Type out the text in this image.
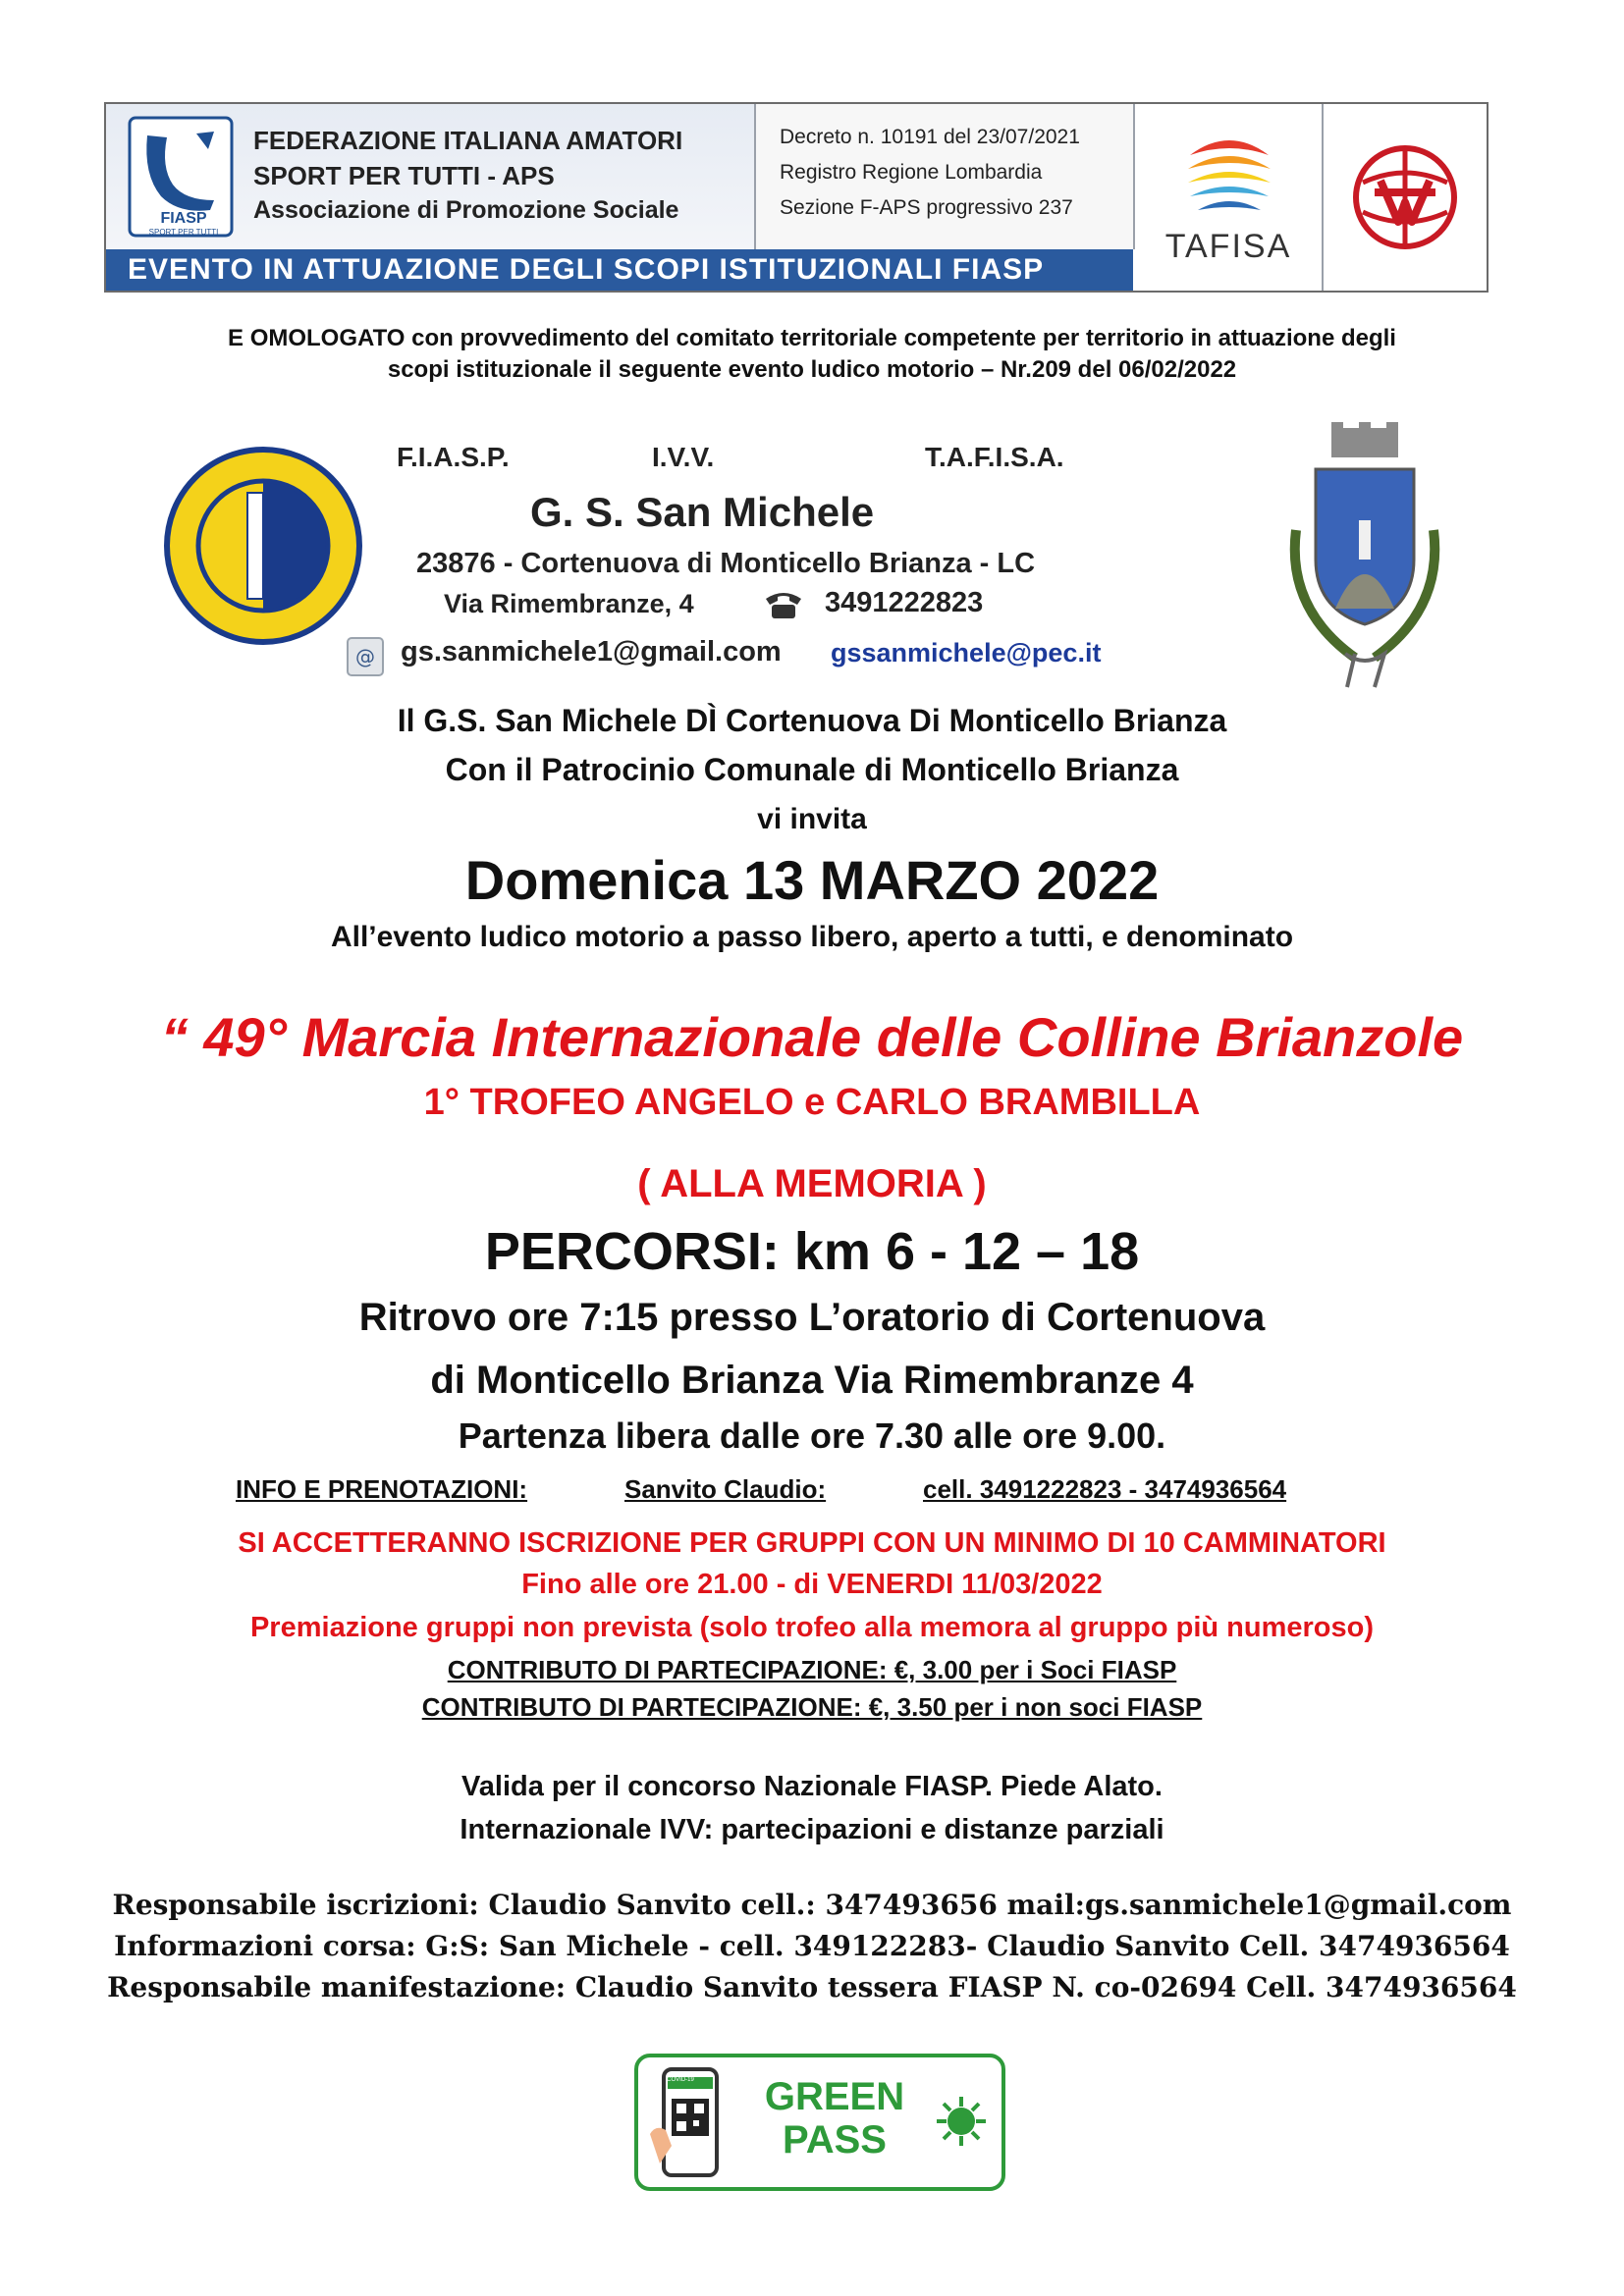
FIASP
SPORT PER TUTTI
FEDERAZIONE ITALIANA AMATORI
SPORT PER TUTTI - APS
Associazione di Promozione Sociale
Decreto n. 10191 del 23/07/2021
Registro Regione Lombardia
Sezione F-APS progressivo 237
TAFISA
EVENTO IN ATTUAZIONE DEGLI SCOPI ISTITUZIONALI FIASP
E OMOLOGATO con provvedimento del comitato territoriale competente per territorio in attuazione degli
scopi istituzionale il seguente evento ludico motorio – Nr.209 del 06/02/2022
F.I.A.S.P.	I.V.V.	T.A.F.I.S.A.
G. S. San Michele
23876 - Cortenuova di Monticello Brianza - LC
Via Rimembranze, 4	3491222823
@ gs.sanmichele1@gmail.com gssanmichele@pec.it
Il G.S. San Michele DÌ Cortenuova Di Monticello Brianza
Con il Patrocinio Comunale di Monticello Brianza
vi invita
Domenica 13 MARZO 2022
All’evento ludico motorio a passo libero, aperto a tutti, e denominato
“ 49° Marcia Internazionale delle Colline Brianzole
1° TROFEO ANGELO e CARLO BRAMBILLA
( ALLA MEMORIA )
PERCORSI: km 6 - 12 – 18
Ritrovo ore 7:15 presso L’oratorio di Cortenuova
di Monticello Brianza Via Rimembranze 4
Partenza libera dalle ore 7.30 alle ore 9.00.
INFO E PRENOTAZIONI:	Sanvito Claudio:	cell. 3491222823 - 3474936564
SI ACCETTERANNO ISCRIZIONE PER GRUPPI CON UN MINIMO DI 10 CAMMINATORI
Fino alle ore 21.00 - di VENERDI 11/03/2022
Premiazione gruppi non prevista (solo trofeo alla memora al gruppo più numeroso)
CONTRIBUTO DI PARTECIPAZIONE: €, 3.00 per i Soci FIASP
CONTRIBUTO DI PARTECIPAZIONE: €, 3.50 per i non soci FIASP
Valida per il concorso Nazionale FIASP. Piede Alato.
Internazionale IVV: partecipazioni e distanze parziali
Responsabile iscrizioni: Claudio Sanvito cell.: 347493656 mail:gs.sanmichele1@gmail.com
Informazioni corsa: G:S: San Michele - cell. 349122283- Claudio Sanvito Cell. 3474936564
Responsabile manifestazione: Claudio Sanvito tessera FIASP N. co-02694 Cell. 3474936564
COVID-19	GREEN
PASS
